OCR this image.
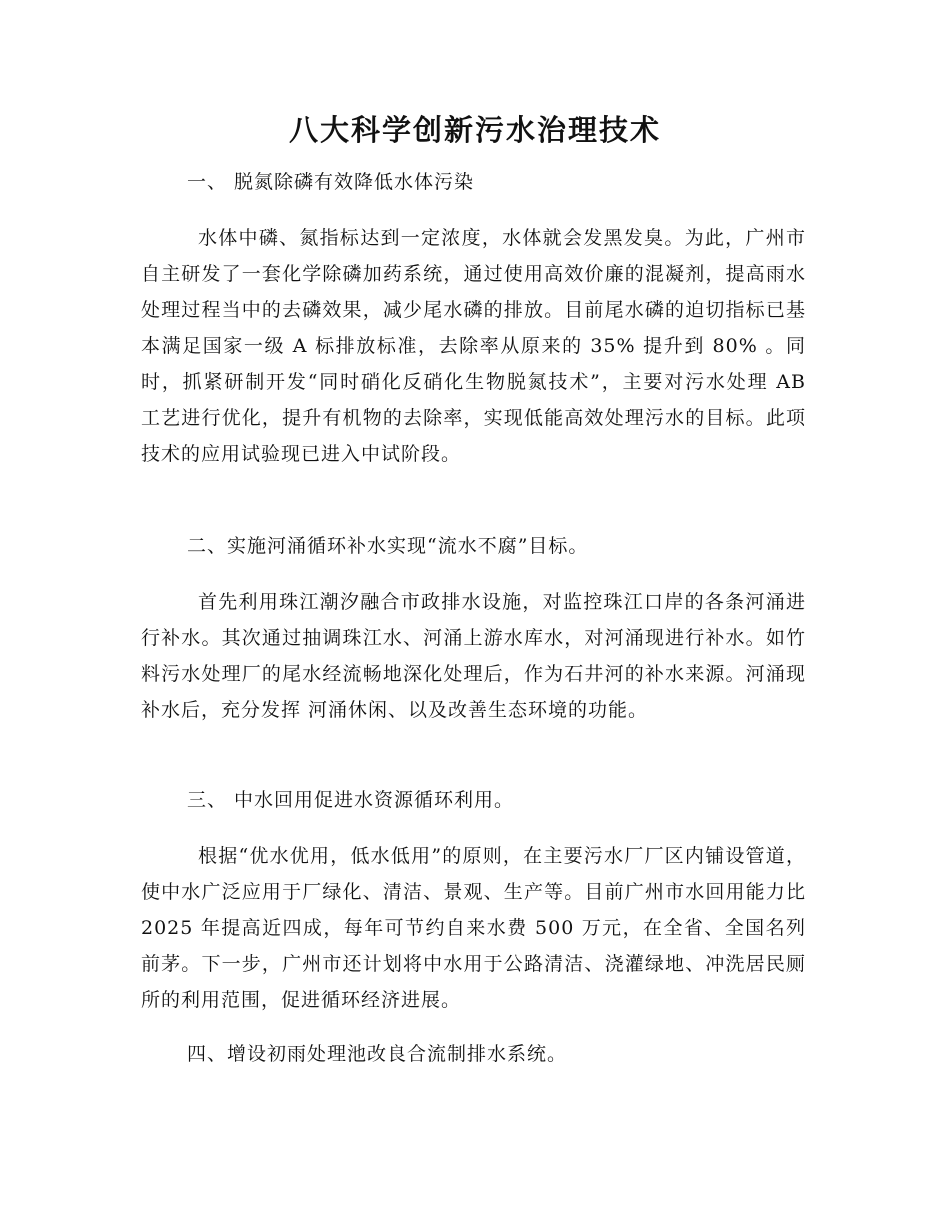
八大科学创新污水治理技术

一、 脱氮除磷有效降低水体污染

水体中磷、氮指标达到一定浓度，水体就会发黑发臭。为此，广州市自主研发了一套化学除磷加药系统，通过使用高效价廉的混凝剂，提高雨水处理过程当中的去磷效果，减少尾水磷的排放。目前尾水磷的迫切指标已基本满足国家一级 A 标排放标准，去除率从原来的 35% 提升到 80% 。同时，抓紧研制开发“同时硝化反硝化生物脱氮技术”，主要对污水处理 AB 工艺进行优化，提升有机物的去除率，实现低能高效处理污水的目标。此项技术的应用试验现已进入中试阶段。

二、实施河涌循环补水实现“流水不腐”目标。

首先利用珠江潮汐融合市政排水设施，对监控珠江口岸的各条河涌进行补水。其次通过抽调珠江水、河涌上游水库水，对河涌现进行补水。如竹料污水处理厂的尾水经流畅地深化处理后，作为石井河的补水来源。河涌现补水后，充分发挥 河涌休闲、以及改善生态环境的功能。

三、 中水回用促进水资源循环利用。

根据“优水优用，低水低用”的原则，在主要污水厂厂区内铺设管道，使中水广泛应用于厂绿化、清洁、景观、生产等。目前广州市水回用能力比 2025 年提高近四成，每年可节约自来水费 500 万元，在全省、全国名列前茅。下一步，广州市还计划将中水用于公路清洁、浇灌绿地、冲洗居民厕所的利用范围，促进循环经济进展。

四、增设初雨处理池改良合流制排水系统。
